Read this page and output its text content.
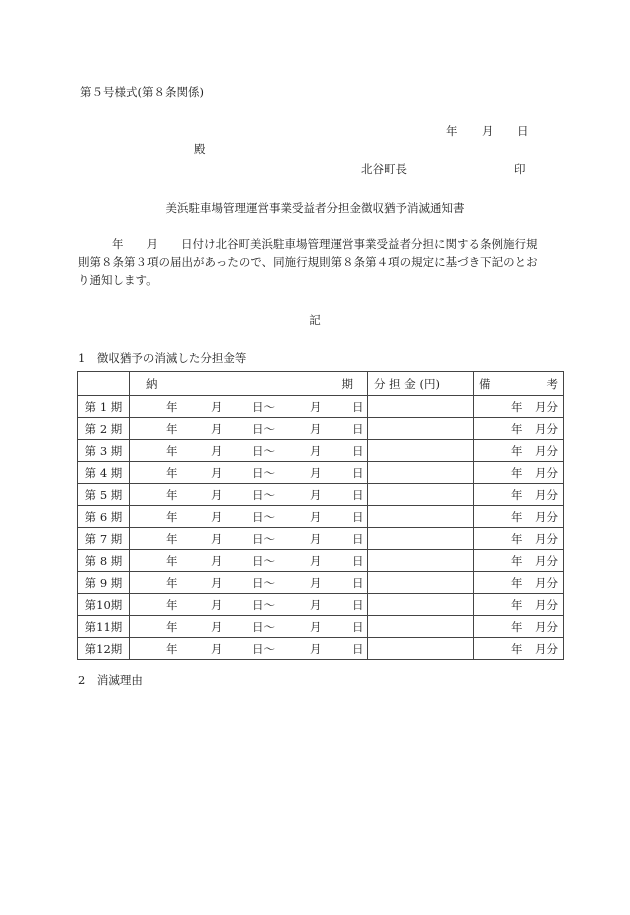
第５号様式(第８条関係)
年 月 日
殿
北谷町長	印
美浜駐車場管理運営事業受益者分担金徴収猶予消滅通知書
年 月 日付け北谷町美浜駐車場管理運営事業受益者分担に関する条例施行規
則第８条第３項の届出があったので、同施行規則第８条第４項の規定に基づき下記のとお
り通知します。
記
1　徴収猶予の消滅した分担金等

	納 期	分 担 金 (円)	備 考

第 1 期	年 月 日～ 月 日		年 月分

第 2 期	年 月 日～ 月 日		年 月分

第 3 期	年 月 日～ 月 日		年 月分

第 4 期	年 月 日～ 月 日		年 月分

第 5 期	年 月 日～ 月 日		年 月分

第 6 期	年 月 日～ 月 日		年 月分

第 7 期	年 月 日～ 月 日		年 月分

第 8 期	年 月 日～ 月 日		年 月分

第 9 期	年 月 日～ 月 日		年 月分

第10期	年 月 日～ 月 日		年 月分

第11期	年 月 日～ 月 日		年 月分

第12期	年 月 日～ 月 日		年 月分
2　消滅理由
